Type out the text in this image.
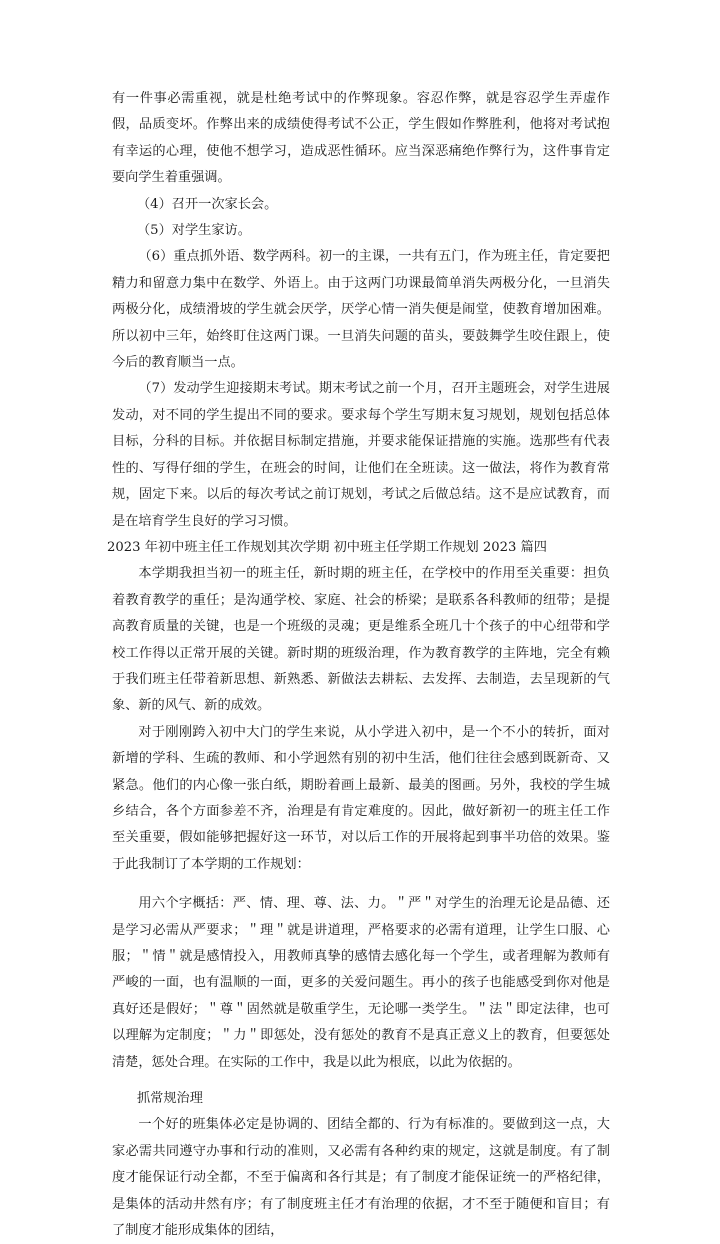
有一件事必需重视，就是杜绝考试中的作弊现象。容忍作弊，就是容忍学生弄虚作假，品质变坏。作弊出来的成绩使得考试不公正，学生假如作弊胜利，他将对考试抱有幸运的心理，使他不想学习，造成恶性循环。应当深恶痛绝作弊行为，这件事肯定要向学生着重强调。

（4）召开一次家长会。

（5）对学生家访。

（6）重点抓外语、数学两科。初一的主课，一共有五门，作为班主任，肯定要把精力和留意力集中在数学、外语上。由于这两门功课最简单消失两极分化，一旦消失两极分化，成绩滑坡的学生就会厌学，厌学心情一消失便是闹堂，使教育增加困难。所以初中三年，始终盯住这两门课。一旦消失问题的苗头，要鼓舞学生咬住跟上，使今后的教育顺当一点。

（7）发动学生迎接期末考试。期末考试之前一个月，召开主题班会，对学生进展发动，对不同的学生提出不同的要求。要求每个学生写期末复习规划，规划包括总体目标，分科的目标。并依据目标制定措施，并要求能保证措施的实施。选那些有代表性的、写得仔细的学生，在班会的时间，让他们在全班读。这一做法，将作为教育常规，固定下来。以后的每次考试之前订规划，考试之后做总结。这不是应试教育，而是在培育学生良好的学习习惯。

2023 年初中班主任工作规划其次学期 初中班主任学期工作规划 2023 篇四

本学期我担当初一的班主任，新时期的班主任，在学校中的作用至关重要：担负着教育教学的重任；是沟通学校、家庭、社会的桥梁；是联系各科教师的纽带；是提高教育质量的关键，也是一个班级的灵魂；更是维系全班几十个孩子的中心纽带和学校工作得以正常开展的关键。新时期的班级治理，作为教育教学的主阵地，完全有赖于我们班主任带着新思想、新熟悉、新做法去耕耘、去发挥、去制造，去呈现新的气象、新的风气、新的成效。

对于刚刚跨入初中大门的学生来说，从小学进入初中，是一个不小的转折，面对新增的学科、生疏的教师、和小学迥然有别的初中生活，他们往往会感到既新奇、又紧急。他们的内心像一张白纸，期盼着画上最新、最美的图画。另外，我校的学生城乡结合，各个方面参差不齐，治理是有肯定难度的。因此，做好新初一的班主任工作至关重要，假如能够把握好这一环节，对以后工作的开展将起到事半功倍的效果。鉴于此我制订了本学期的工作规划：

用六个字概括：严、情、理、尊、法、力。＂严＂对学生的治理无论是品德、还是学习必需从严要求；＂理＂就是讲道理，严格要求的必需有道理，让学生口服、心服；＂情＂就是感情投入，用教师真挚的感情去感化每一个学生，或者理解为教师有严峻的一面，也有温顺的一面，更多的关爱问题生。再小的孩子也能感受到你对他是真好还是假好；＂尊＂固然就是敬重学生，无论哪一类学生。＂法＂即定法律，也可以理解为定制度；＂力＂即惩处，没有惩处的教育不是真正意义上的教育，但要惩处清楚，惩处合理。在实际的工作中，我是以此为根底，以此为依据的。

抓常规治理

一个好的班集体必定是协调的、团结全都的、行为有标准的。要做到这一点，大家必需共同遵守办事和行动的准则，又必需有各种约束的规定，这就是制度。有了制度才能保证行动全都，不至于偏离和各行其是；有了制度才能保证统一的严格纪律，是集体的活动井然有序；有了制度班主任才有治理的依据，才不至于随便和盲目；有了制度才能形成集体的团结，
